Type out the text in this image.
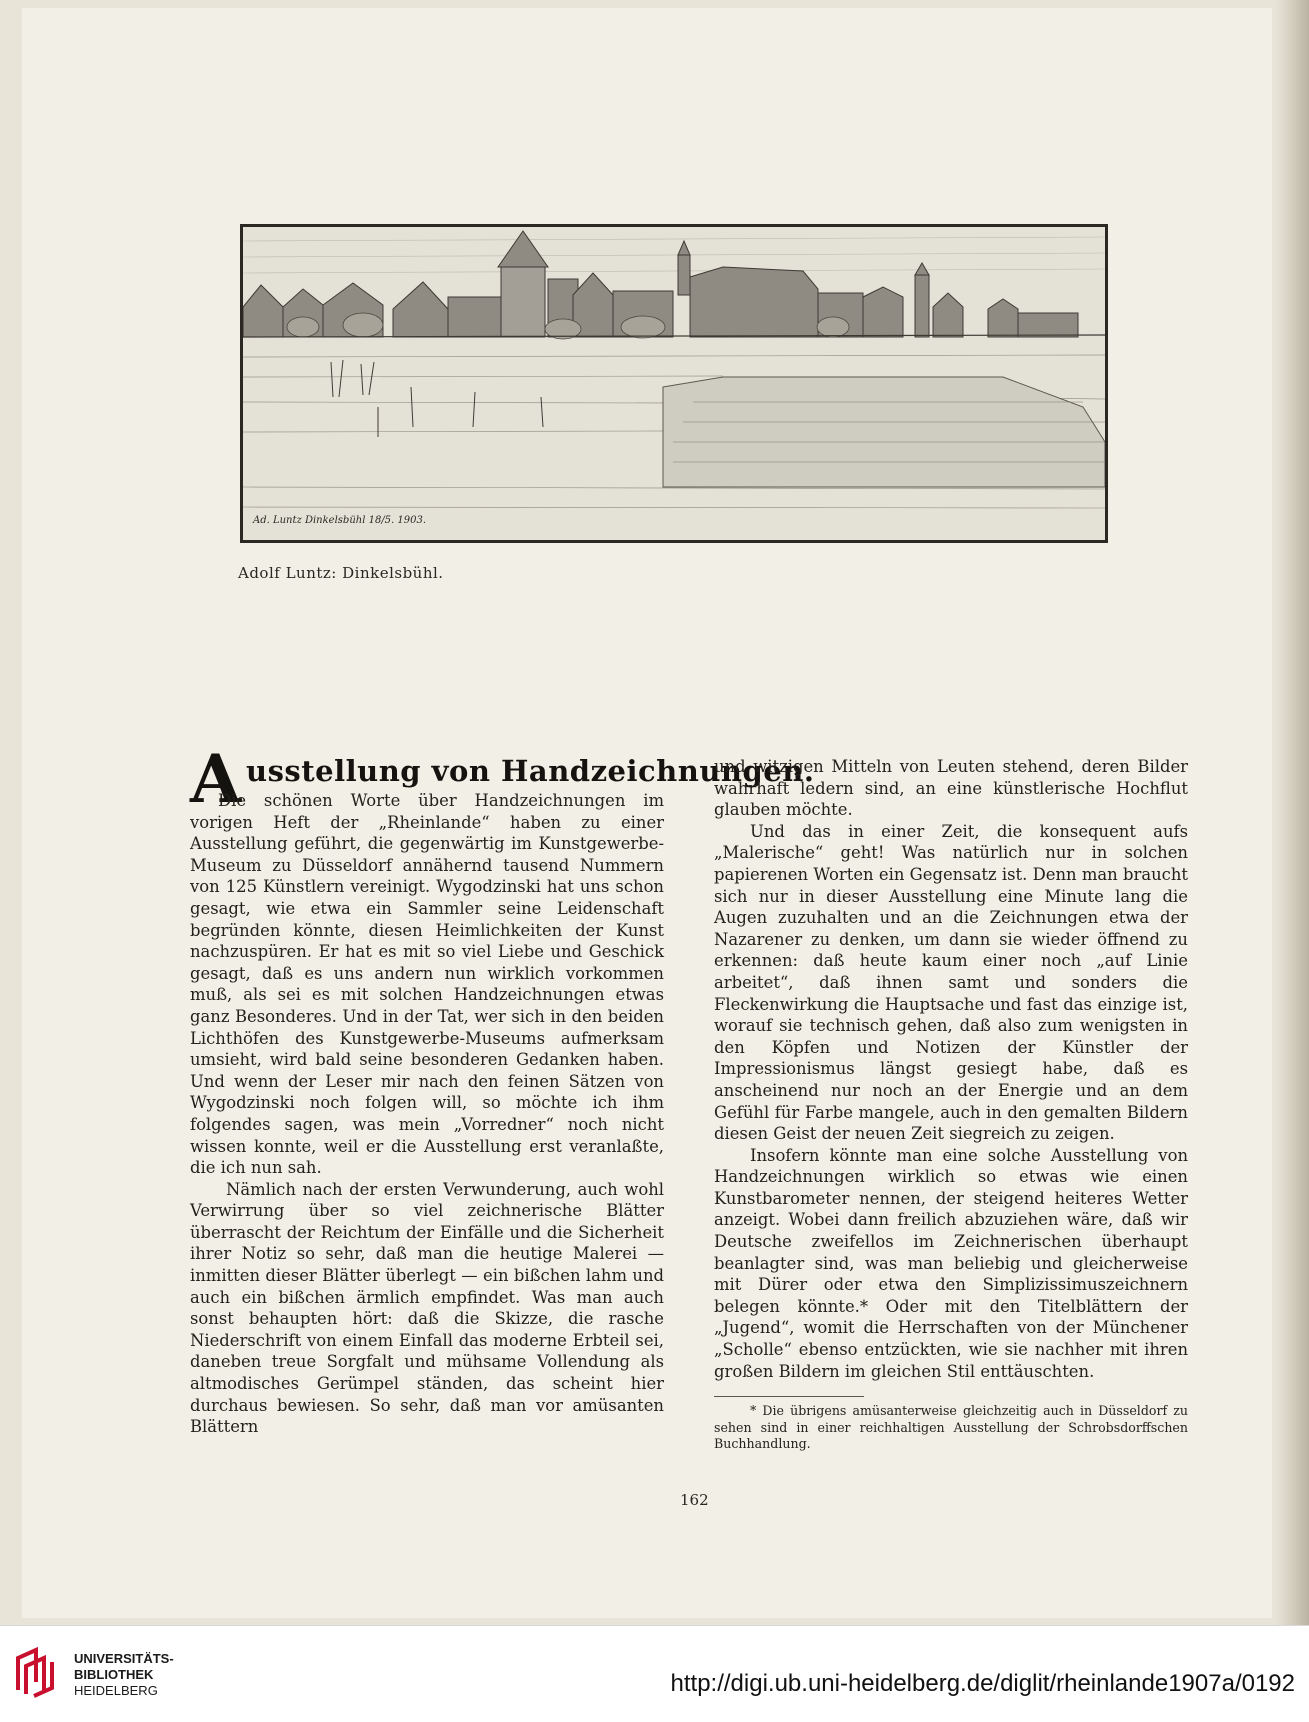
Ad. Luntz Dinkelsbühl 18/5. 1903.
Adolf Luntz: Dinkelsbühl.
A usstellung von Handzeichnungen.

Die schönen Worte über Handzeichnungen im vorigen Heft der „Rheinlande“ haben zu einer Ausstellung geführt, die gegenwärtig im Kunstgewerbe-Museum zu Düsseldorf annähernd tausend Nummern von 125 Künstlern vereinigt. Wygodzinski hat uns schon gesagt, wie etwa ein Sammler seine Leidenschaft begründen könnte, diesen Heimlichkeiten der Kunst nachzuspüren. Er hat es mit so viel Liebe und Geschick gesagt, daß es uns andern nun wirklich vorkommen muß, als sei es mit solchen Handzeichnungen etwas ganz Besonderes. Und in der Tat, wer sich in den beiden Lichthöfen des Kunstgewerbe-Museums aufmerksam umsieht, wird bald seine besonderen Gedanken haben. Und wenn der Leser mir nach den feinen Sätzen von Wygodzinski noch folgen will, so möchte ich ihm folgendes sagen, was mein „Vorredner“ noch nicht wissen konnte, weil er die Ausstellung erst veranlaßte, die ich nun sah.

Nämlich nach der ersten Verwunderung, auch wohl Verwirrung über so viel zeichnerische Blätter überrascht der Reichtum der Einfälle und die Sicherheit ihrer Notiz so sehr, daß man die heutige Malerei — inmitten dieser Blätter überlegt — ein bißchen lahm und auch ein bißchen ärmlich empfindet. Was man auch sonst behaupten hört: daß die Skizze, die rasche Niederschrift von einem Einfall das moderne Erbteil sei, daneben treue Sorgfalt und mühsame Vollendung als altmodisches Gerümpel ständen, das scheint hier durchaus bewiesen. So sehr, daß man vor amüsanten Blättern

und witzigen Mitteln von Leuten stehend, deren Bilder wahrhaft ledern sind, an eine künstlerische Hochflut glauben möchte.

Und das in einer Zeit, die konsequent aufs „Malerische“ geht! Was natürlich nur in solchen papierenen Worten ein Gegensatz ist. Denn man braucht sich nur in dieser Ausstellung eine Minute lang die Augen zuzuhalten und an die Zeichnungen etwa der Nazarener zu denken, um dann sie wieder öffnend zu erkennen: daß heute kaum einer noch „auf Linie arbeitet“, daß ihnen samt und sonders die Fleckenwirkung die Hauptsache und fast das einzige ist, worauf sie technisch gehen, daß also zum wenigsten in den Köpfen und Notizen der Künstler der Impressionismus längst gesiegt habe, daß es anscheinend nur noch an der Energie und an dem Gefühl für Farbe mangele, auch in den gemalten Bildern diesen Geist der neuen Zeit siegreich zu zeigen.

Insofern könnte man eine solche Ausstellung von Handzeichnungen wirklich so etwas wie einen Kunstbarometer nennen, der steigend heiteres Wetter anzeigt. Wobei dann freilich abzuziehen wäre, daß wir Deutsche zweifellos im Zeichnerischen überhaupt beanlagter sind, was man beliebig und gleicherweise mit Dürer oder etwa den Simplizissimuszeichnern belegen könnte.* Oder mit den Titelblättern der „Jugend“, womit die Herrschaften von der Münchener „Scholle“ ebenso entzückten, wie sie nachher mit ihren großen Bildern im gleichen Stil enttäuschten.

* Die übrigens amüsanterweise gleichzeitig auch in Düsseldorf zu sehen sind in einer reichhaltigen Ausstellung der Schrobsdorffschen Buchhandlung.

162
UNIVERSITÄTS-
BIBLIOTHEK
HEIDELBERG	http://digi.ub.uni-heidelberg.de/diglit/rheinlande1907a/0192
